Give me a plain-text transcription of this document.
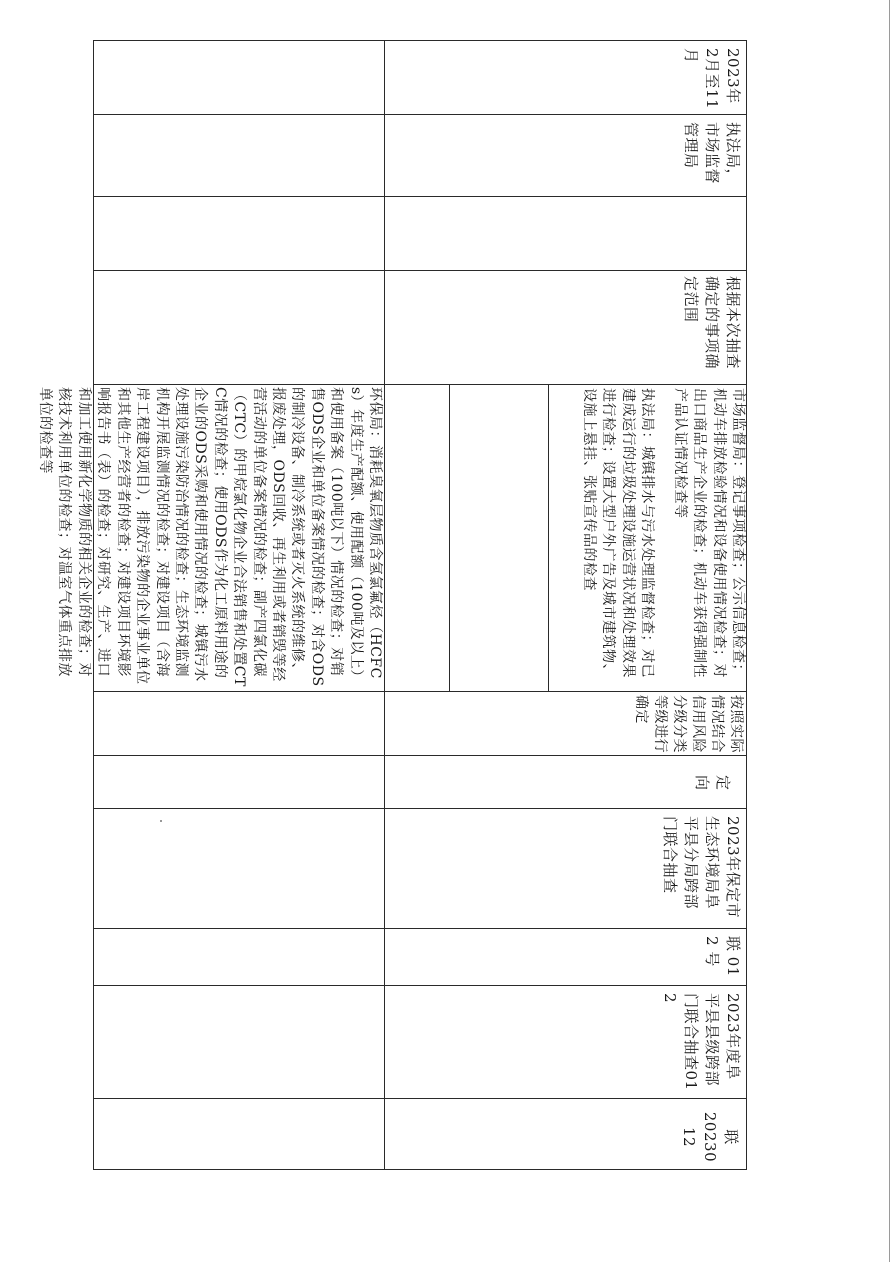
联
2023012

2023年度阜平县县级跨部门联合抽查012

联 012 号

2023年保定市生态环境局阜平县分局跨部门联合抽查

定向

按照实际情况结合信用风险分级分类等级进行确定

环保局：消耗臭氧层物质含氢氯氟烃（HCFCs）年度生产配额、使用配额（100吨及以上）和使用备案（100吨以下）情况的检查；对销售ODS企业和单位备案情况的检查；对含ODS的制冷设备、制冷系统或者灭火系统的维修、报废处理，ODS回收、再生利用或者销毁等经营活动的单位备案情况的检查；副产四氯化碳（CTC）的甲烷氯化物企业合法销售和处置CTC情况的检查；使用ODS作为化工原料用途的企业的ODS采购和使用情况的检查；城镇污水处理设施污染防治情况的检查；生态环境监测机构开展监测情况的检查；对建设项目（含海岸工程建设项目），排放污染物的企业事业单位和其他生产经营者的检查；对建设项目环境影响报告书（表）的检查；对研究、生产、进口和加工使用新化学物质的相关企业的检查；对核技术利用单位的检查；对温室气体重点排放单位的检查等	执法局：城镇排水与污水处理监督检查；对已建成运行的垃圾处理设施运营状况和处理效果进行检查；设置大型户外广告及城市建筑物、设施上悬挂、张贴宣传品的检查	市场监督局：登记事项检查；公示信息检查；机动车排放检验情况和设备使用情况检查；对出口商品生产企业的检查；机动车获得强制性产品认证情况检查等

根据本次抽查确定的事项确定范围

执法局，市场监督管理局

2023年2月至11月
